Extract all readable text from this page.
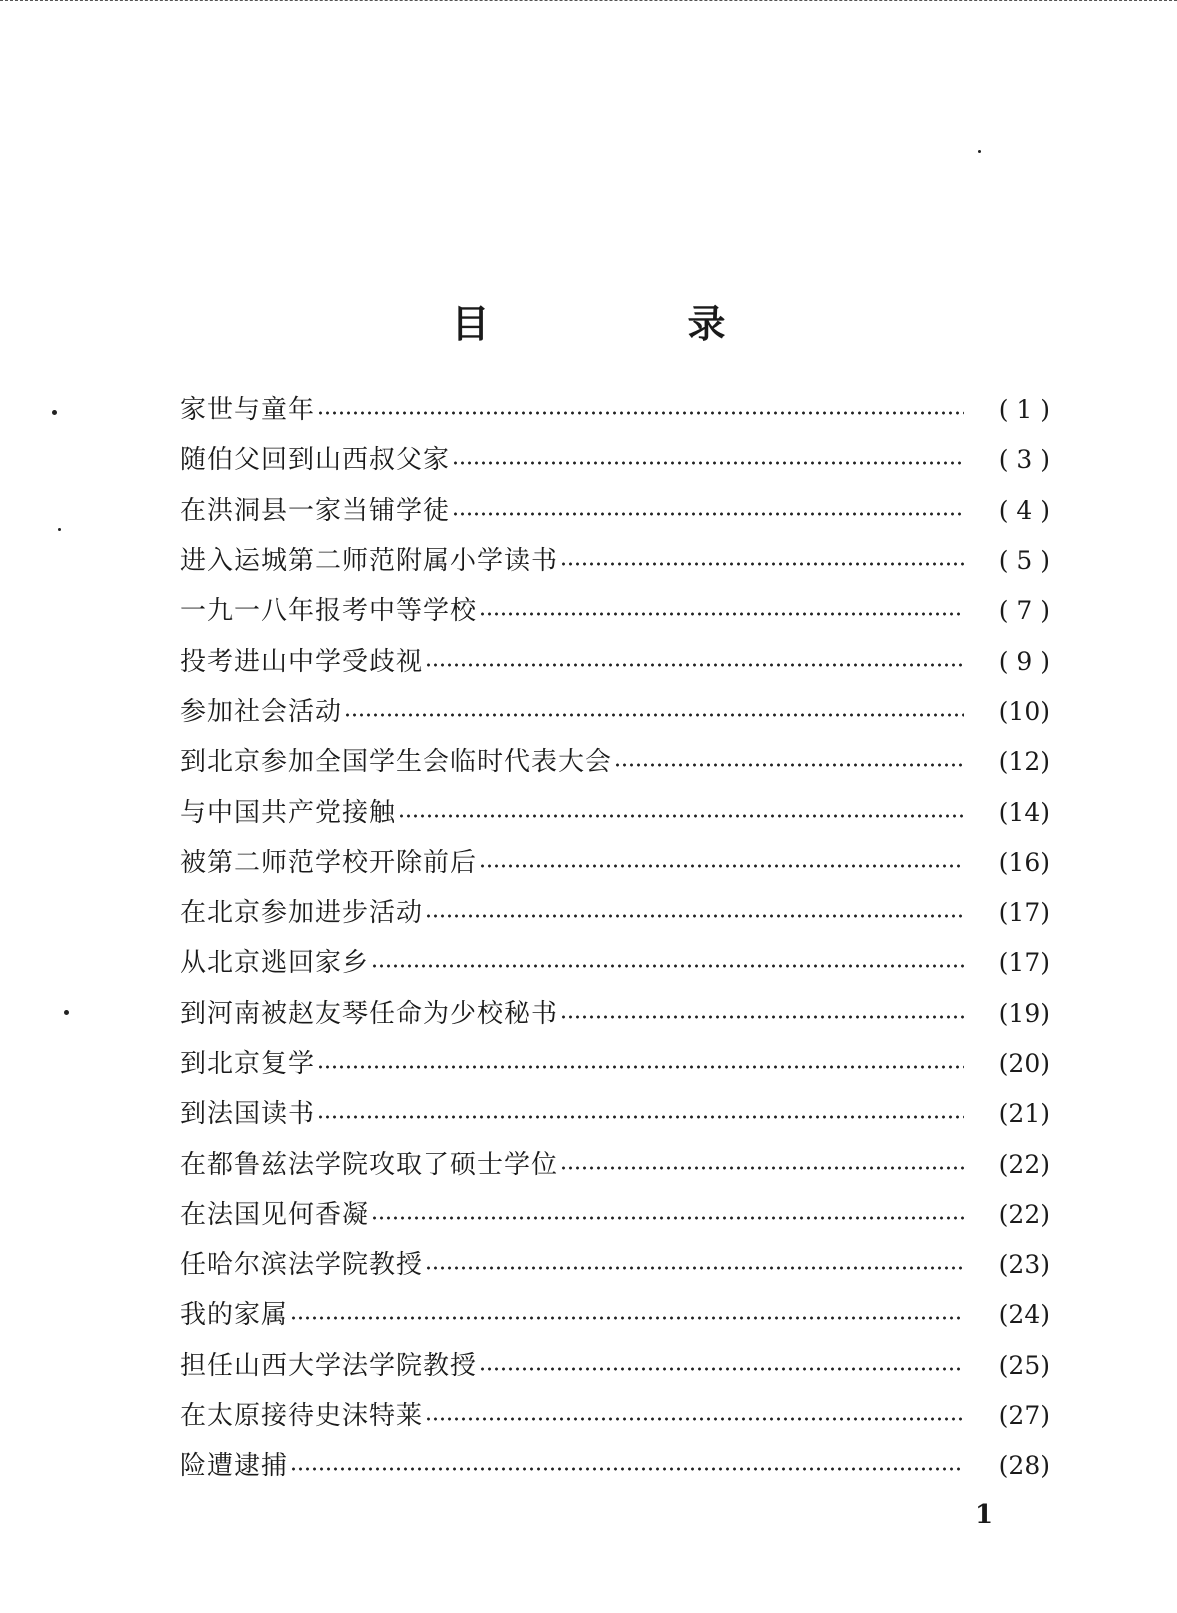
目　录
家世与童年	( 1 )
随伯父回到山西叔父家	( 3 )
在洪洞县一家当铺学徒	( 4 )
进入运城第二师范附属小学读书	( 5 )
一九一八年报考中等学校	( 7 )
投考进山中学受歧视	( 9 )
参加社会活动	(10)
到北京参加全国学生会临时代表大会	(12)
与中国共产党接触	(14)
被第二师范学校开除前后	(16)
在北京参加进步活动	(17)
从北京逃回家乡	(17)
到河南被赵友琴任命为少校秘书	(19)
到北京复学	(20)
到法国读书	(21)
在都鲁兹法学院攻取了硕士学位	(22)
在法国见何香凝	(22)
任哈尔滨法学院教授	(23)
我的家属	(24)
担任山西大学法学院教授	(25)
在太原接待史沫特莱	(27)
险遭逮捕	(28)
1
